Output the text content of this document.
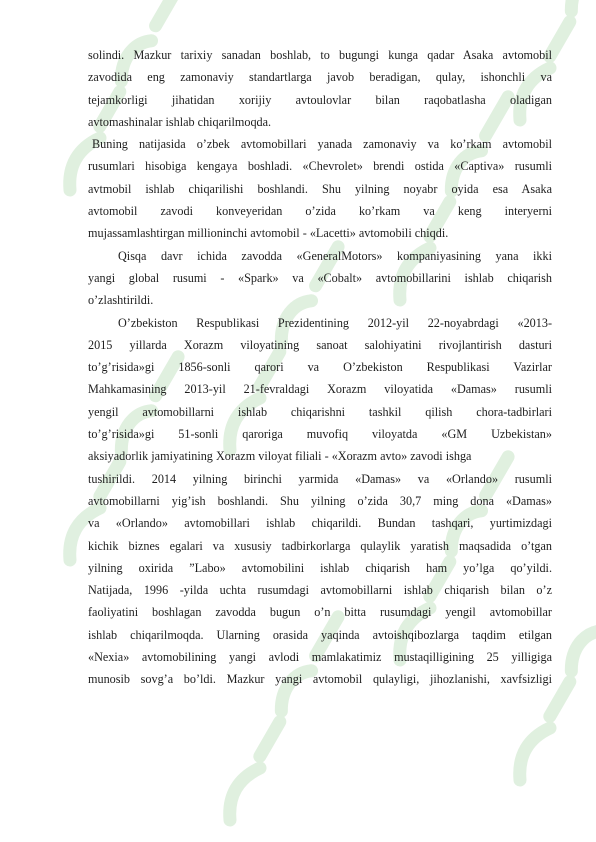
solindi. Mazkur tarixiy sanadan boshlab, to bugungi kunga qadar Asaka avtomobil
zavodida eng zamonaviy standartlarga javob beradigan, qulay, ishonchli va
tejamkorligi jihatidan xorijiy avtoulovlar bilan raqobatlasha oladigan
avtomashinalar ishlab chiqarilmoqda.
Buning natijasida o’zbek avtomobillari yanada zamonaviy va ko’rkam avtomobil
rusumlari hisobiga kengaya boshladi. «Chevrolet» brendi ostida «Captiva» rusumli
avtmobil ishlab chiqarilishi boshlandi. Shu yilning noyabr oyida esa Asaka
avtomobil zavodi konveyeridan o’zida ko’rkam va keng interyerni
mujassamlashtirgan millioninchi avtomobil - «Lacetti» avtomobili chiqdi.
Qisqa davr ichida zavodda «GeneralMotors» kompaniyasining yana ikki
yangi global rusumi - «Spark» va «Cobalt» avtomobillarini ishlab chiqarish
o’zlashtirildi.
O’zbekiston Respublikasi Prezidentining 2012-yil 22-noyabrdagi «2013-
2015 yillarda Xorazm viloyatining sanoat salohiyatini rivojlantirish dasturi
to’g’risida»gi 1856-sonli qarori va O’zbekiston Respublikasi Vazirlar
Mahkamasining 2013-yil 21-fevraldagi Xorazm viloyatida «Damas» rusumli
yengil avtomobillarni ishlab chiqarishni tashkil qilish chora-tadbirlari
to’g’risida»gi 51-sonli qaroriga muvofiq viloyatda «GM Uzbekistan»
aksiyadorlik jamiyatining Xorazm viloyat filiali - «Xorazm avto» zavodi ishga
tushirildi. 2014 yilning birinchi yarmida «Damas» va «Orlando» rusumli
avtomobillarni yig’ish boshlandi. Shu yilning o’zida 30,7 ming dona «Damas»
va «Orlando» avtomobillari ishlab chiqarildi. Bundan tashqari, yurtimizdagi
kichik biznes egalari va xususiy tadbirkorlarga qulaylik yaratish maqsadida o’tgan
yilning oxirida ”Labo» avtomobilini ishlab chiqarish ham yo’lga qo’yildi.
Natijada, 1996 -yilda uchta rusumdagi avtomobillarni ishlab chiqarish bilan o’z
faoliyatini boshlagan zavodda bugun o’n bitta rusumdagi yengil avtomobillar
ishlab chiqarilmoqda. Ularning orasida yaqinda avtoishqibozlarga taqdim etilgan
«Nexia» avtomobilining yangi avlodi mamlakatimiz mustaqilligining 25 yilligiga
munosib sovg’a bo’ldi. Mazkur yangi avtomobil qulayligi, jihozlanishi, xavfsizligi
